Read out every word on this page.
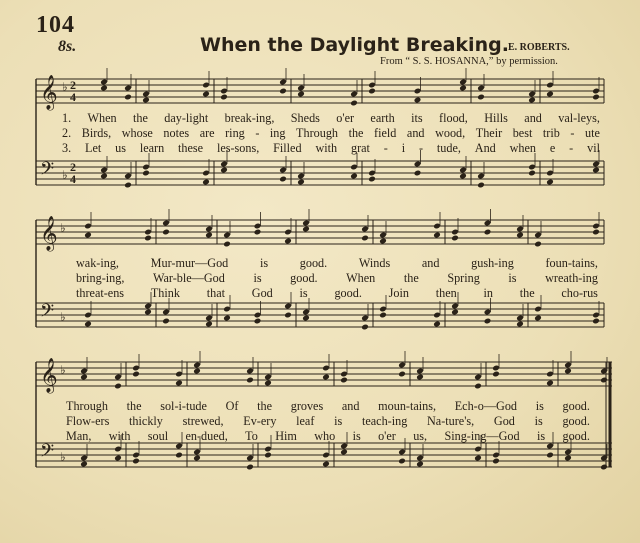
104
8s.	When the Daylight Breaking. E. ROBERTS.
From “ S. S. HOSANNA,” by permission.
𝄞
𝄢
♭
♭
2
4
2
4
𝄞
𝄢
♭
♭
𝄞
𝄢
♭
♭
1. When the day-light break-ing, Sheds o'er earth its flood, Hills and val-leys,
2. Birds, whose notes are ring - ing Through the field and wood, Their best trib - ute
3. Let us learn these les-sons, Filled with grat - i - tude, And when e - vil
wak-ing,	Mur-mur—God	is	good.	Winds	and	gush-ing	foun-tains,
bring-ing, War-ble—God is good. When the Spring is wreath-ing
threat-ens Think that God is good. Join then in the cho-rus
Through the sol-i-tude Of the groves and moun-tains, Ech-o—God is good.
Flow-ers thickly strewed, Ev-ery leaf is teach-ing Na-ture's, God is good.
Man, with soul en-dued, To Him who is o'er us, Sing-ing—God is good.
